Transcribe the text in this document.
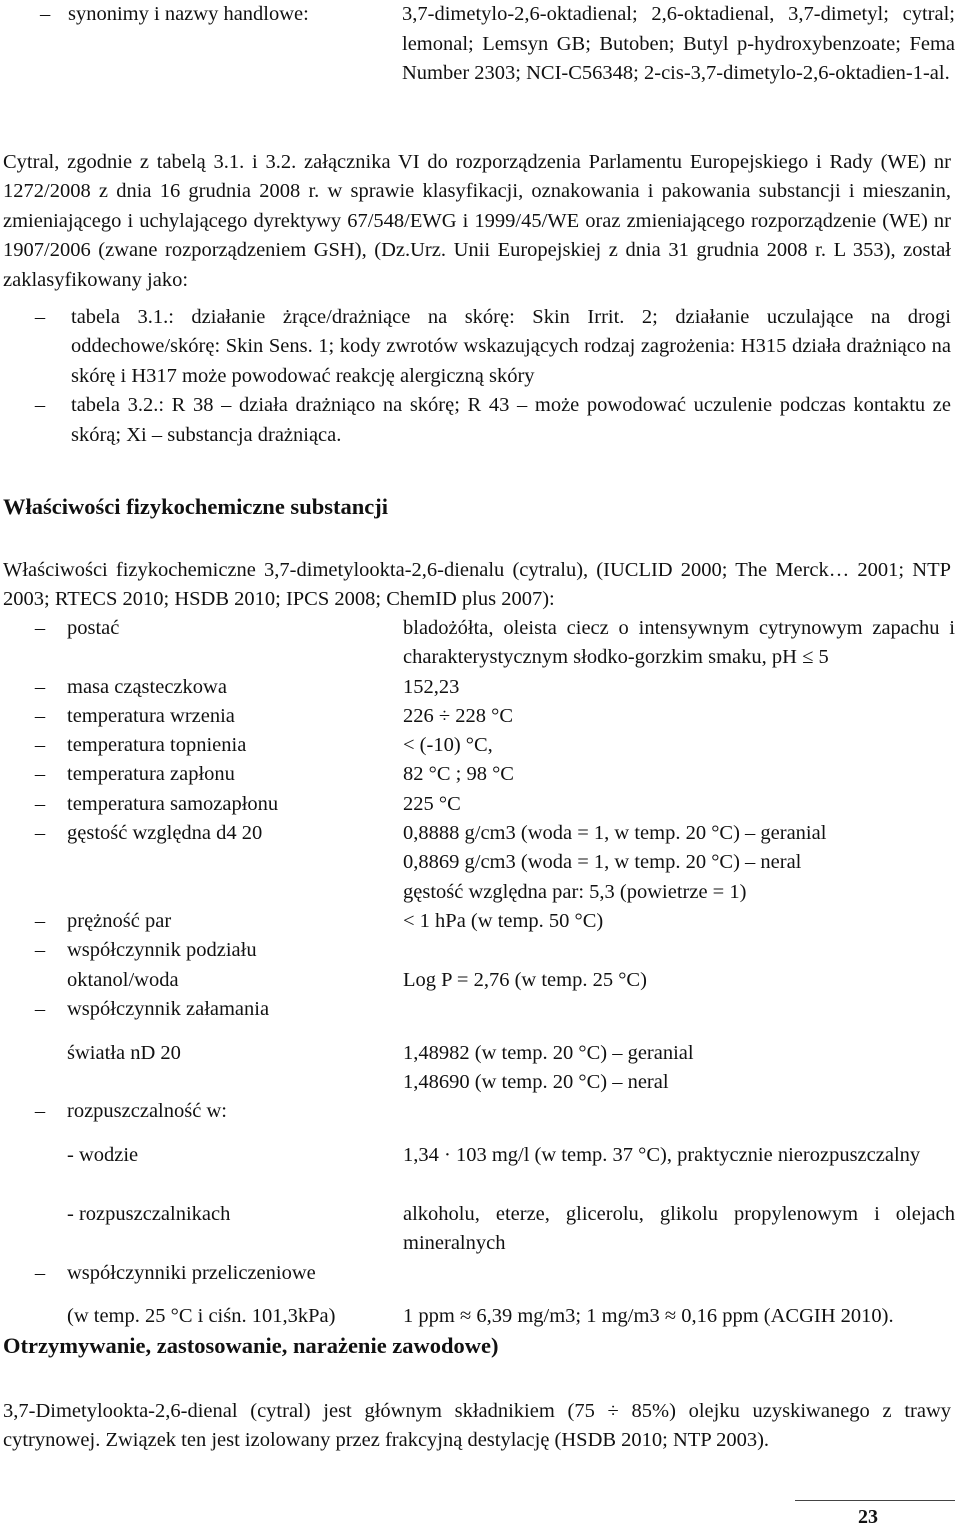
– synonimy i nazwy handlowe:	3,7-dimetylo-2,6-oktadienal; 2,6-oktadienal, 3,7-dimetyl; cytral; lemonal; Lemsyn GB; Butoben; Butyl p-hydroxybenzoate; Fema Number 2303; NCI-C56348; 2-cis-3,7-dimetylo-2,6-oktadien-1-al.

Cytral, zgodnie z tabelą 3.1. i 3.2. załącznika VI do rozporządzenia Parlamentu Europejskiego i Rady (WE) nr 1272/2008 z dnia 16 grudnia 2008 r. w sprawie klasyfikacji, oznakowania i pakowania substancji i mieszanin, zmieniającego i uchylającego dyrektywy 67/548/EWG i 1999/45/WE oraz zmieniającego rozporządzenie (WE) nr 1907/2006 (zwane rozporządzeniem GSH), (Dz.Urz. Unii Europejskiej z dnia 31 grudnia 2008 r. L 353), został zaklasyfikowany jako:

–	tabela 3.1.: działanie żrące/drażniące na skórę: Skin Irrit. 2; działanie uczulające na drogi oddechowe/skórę: Skin Sens. 1; kody zwrotów wskazujących rodzaj zagrożenia: H315 działa drażniąco na skórę i H317 może powodować reakcję alergiczną skóry
–	tabela 3.2.: R 38 – działa drażniąco na skórę; R 43 – może powodować uczulenie podczas kontaktu ze skórą; Xi – substancja drażniąca.
Właściwości fizykochemiczne substancji

Właściwości fizykochemiczne 3,7-dimetylookta-2,6-dienalu (cytralu), (IUCLID 2000; The Merck… 2001; NTP 2003; RTECS 2010; HSDB 2010; IPCS 2008; ChemID plus 2007):

–	postać	bladożółta, oleista ciecz o intensywnym cytrynowym zapachu i charakterystycznym słodko-gorzkim smaku, pH ≤ 5
–	masa cząsteczkowa	152,23
–	temperatura wrzenia	226 ÷ 228 °C
–	temperatura topnienia	< (-10) °C,
–	temperatura zapłonu	82 °C ; 98 °C
–	temperatura samozapłonu	225 °C
–	gęstość względna d4 20	0,8888 g/cm3 (woda = 1, w temp. 20 °C) – geranial
0,8869 g/cm3 (woda = 1, w temp. 20 °C) – neral
gęstość względna par: 5,3 (powietrze = 1)
–	prężność par	< 1 hPa (w temp. 50 °C)
–	współczynnik podziału
oktanol/woda	Log P = 2,76 (w temp. 25 °C)
–	współczynnik załamania
światła nD 20	1,48982 (w temp. 20 °C) – geranial
1,48690 (w temp. 20 °C) – neral
–	rozpuszczalność w:
- wodzie	1,34 · 103 mg/l (w temp. 37 °C), praktycznie nierozpuszczalny
- rozpuszczalnikach	alkoholu, eterze, glicerolu, glikolu propylenowym i olejach mineralnych
–	współczynniki przeliczeniowe
(w temp. 25 °C i ciśn. 101,3kPa)	1 ppm ≈ 6,39 mg/m3; 1 mg/m3 ≈ 0,16 ppm (ACGIH 2010).
Otrzymywanie, zastosowanie, narażenie zawodowe)

3,7-Dimetylookta-2,6-dienal (cytral) jest głównym składnikiem (75 ÷ 85%) olejku uzyskiwanego z trawy cytrynowej. Związek ten jest izolowany przez frakcyjną destylację (HSDB 2010; NTP 2003).

23
